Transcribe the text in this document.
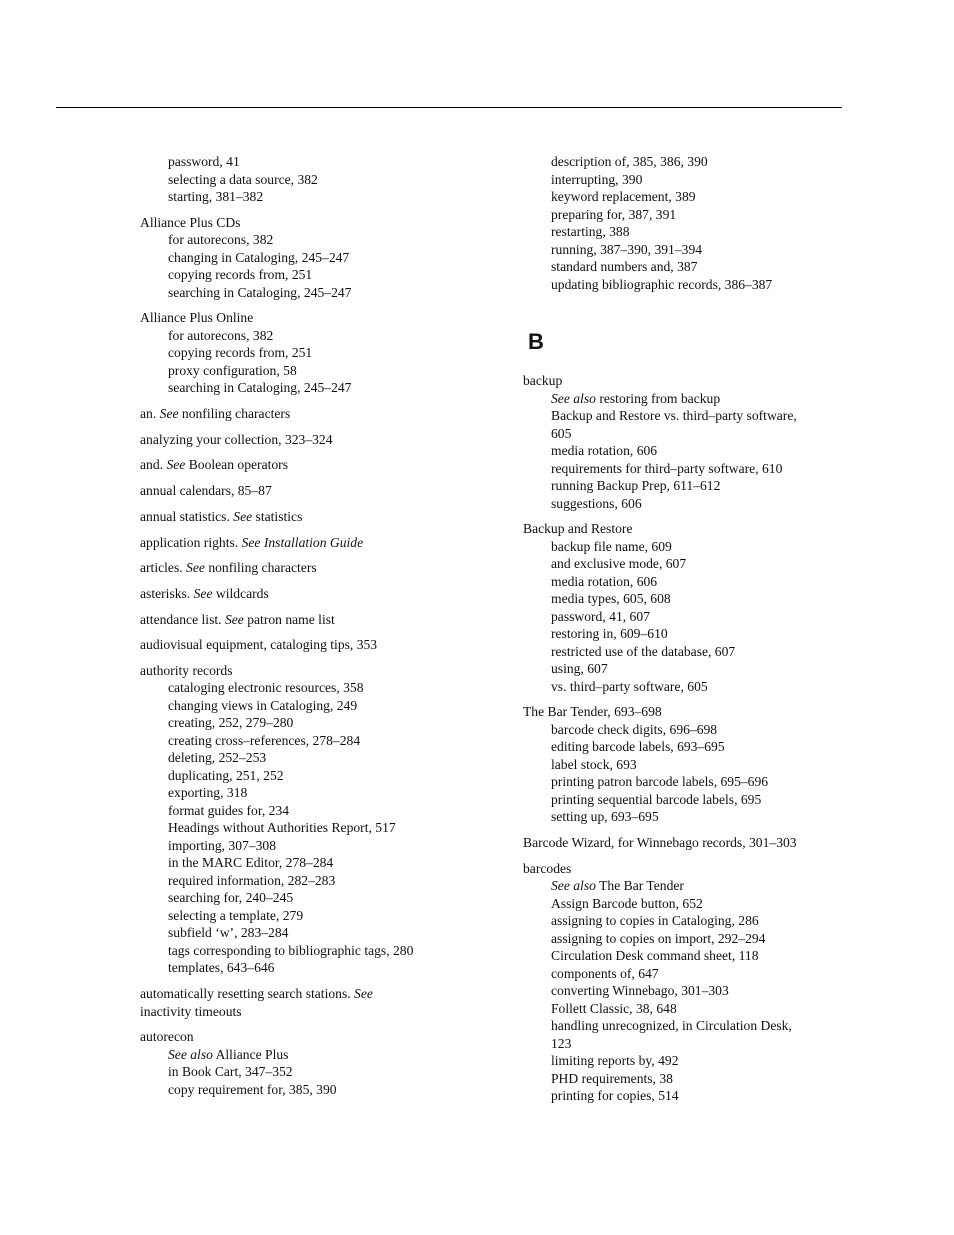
password, 41
selecting a data source, 382
starting, 381–382
Alliance Plus CDs
for autorecons, 382
changing in Cataloging, 245–247
copying records from, 251
searching in Cataloging, 245–247
Alliance Plus Online
for autorecons, 382
copying records from, 251
proxy configuration, 58
searching in Cataloging, 245–247
an. See nonfiling characters
analyzing your collection, 323–324
and. See Boolean operators
annual calendars, 85–87
annual statistics. See statistics
application rights. See Installation Guide
articles. See nonfiling characters
asterisks. See wildcards
attendance list. See patron name list
audiovisual equipment, cataloging tips, 353
authority records
cataloging electronic resources, 358
changing views in Cataloging, 249
creating, 252, 279–280
creating cross–references, 278–284
deleting, 252–253
duplicating, 251, 252
exporting, 318
format guides for, 234
Headings without Authorities Report, 517
importing, 307–308
in the MARC Editor, 278–284
required information, 282–283
searching for, 240–245
selecting a template, 279
subfield ‘w’, 283–284
tags corresponding to bibliographic tags, 280
templates, 643–646
automatically resetting search stations. See
inactivity timeouts
autorecon
See also Alliance Plus
in Book Cart, 347–352
copy requirement for, 385, 390
description of, 385, 386, 390
interrupting, 390
keyword replacement, 389
preparing for, 387, 391
restarting, 388
running, 387–390, 391–394
standard numbers and, 387
updating bibliographic records, 386–387
B
backup
See also restoring from backup
Backup and Restore vs. third–party software,
605
media rotation, 606
requirements for third–party software, 610
running Backup Prep, 611–612
suggestions, 606
Backup and Restore
backup file name, 609
and exclusive mode, 607
media rotation, 606
media types, 605, 608
password, 41, 607
restoring in, 609–610
restricted use of the database, 607
using, 607
vs. third–party software, 605
The Bar Tender, 693–698
barcode check digits, 696–698
editing barcode labels, 693–695
label stock, 693
printing patron barcode labels, 695–696
printing sequential barcode labels, 695
setting up, 693–695
Barcode Wizard, for Winnebago records, 301–303
barcodes
See also The Bar Tender
Assign Barcode button, 652
assigning to copies in Cataloging, 286
assigning to copies on import, 292–294
Circulation Desk command sheet, 118
components of, 647
converting Winnebago, 301–303
Follett Classic, 38, 648
handling unrecognized, in Circulation Desk,
123
limiting reports by, 492
PHD requirements, 38
printing for copies, 514
